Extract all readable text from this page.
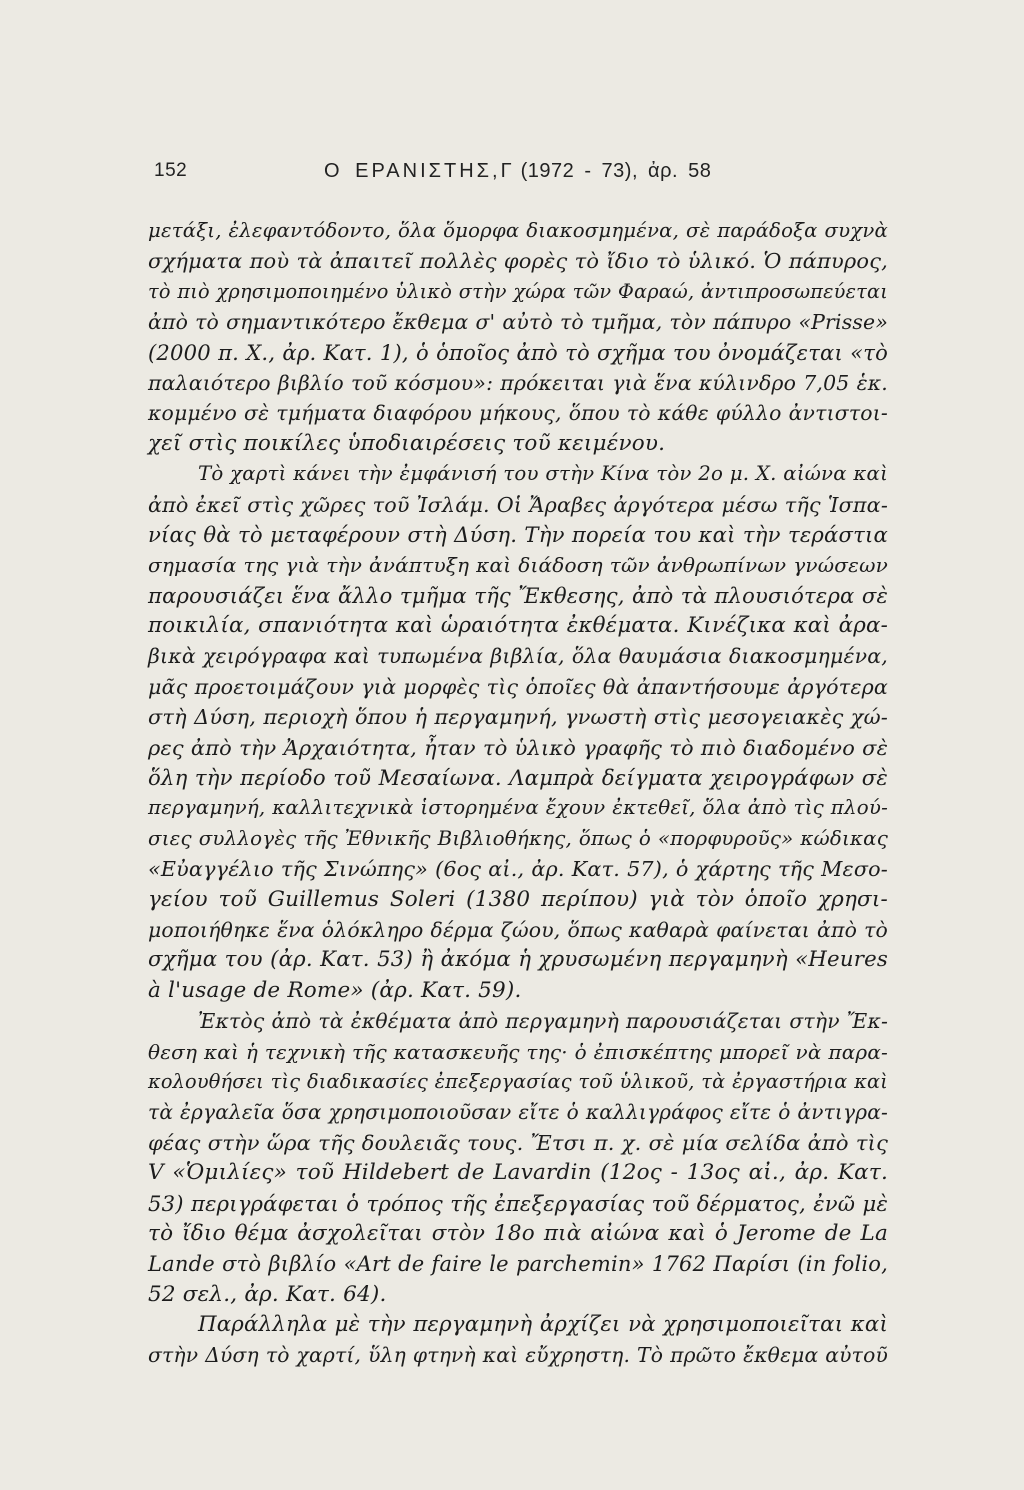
152	Ο ΕΡΑΝΙΣΤΗΣ,Γ (1972 - 73), ἀρ. 58
μετάξι, ἐλεφαντόδοντο, ὅλα ὅμορφα διακοσμημένα, σὲ παράδοξα συχνὰ
σχήματα ποὺ τὰ ἀπαιτεῖ πολλὲς φορὲς τὸ ἴδιο τὸ ὑλικό. Ὁ πάπυρος,
τὸ πιὸ χρησιμοποιημένο ὑλικὸ στὴν χώρα τῶν Φαραώ, ἀντιπροσωπεύεται
ἀπὸ τὸ σημαντικότερο ἔκθεμα σ' αὐτὸ τὸ τμῆμα, τὸν πάπυρο «Prisse»
(2000 π. Χ., ἀρ. Κατ. 1), ὁ ὁποῖος ἀπὸ τὸ σχῆμα του ὀνομάζεται «τὸ
παλαιότερο βιβλίο τοῦ κόσμου»: πρόκειται γιὰ ἕνα κύλινδρο 7,05 ἑκ.
κομμένο σὲ τμήματα διαφόρου μήκους, ὅπου τὸ κάθε φύλλο ἀντιστοι-
χεῖ στὶς ποικίλες ὑποδιαιρέσεις τοῦ κειμένου.
Τὸ χαρτὶ κάνει τὴν ἐμφάνισή του στὴν Κίνα τὸν 2ο μ. Χ. αἰώνα καὶ
ἀπὸ ἐκεῖ στὶς χῶρες τοῦ Ἰσλάμ. Οἱ Ἄραβες ἀργότερα μέσω τῆς Ἱσπα-
νίας θὰ τὸ μεταφέρουν στὴ Δύση. Τὴν πορεία του καὶ τὴν τεράστια
σημασία της γιὰ τὴν ἀνάπτυξη καὶ διάδοση τῶν ἀνθρωπίνων γνώσεων
παρουσιάζει ἕνα ἄλλο τμῆμα τῆς Ἔκθεσης, ἀπὸ τὰ πλουσιότερα σὲ
ποικιλία, σπανιότητα καὶ ὡραιότητα ἐκθέματα. Κινέζικα καὶ ἀρα-
βικὰ χειρόγραφα καὶ τυπωμένα βιβλία, ὅλα θαυμάσια διακοσμημένα,
μᾶς προετοιμάζουν γιὰ μορφὲς τὶς ὁποῖες θὰ ἀπαντήσουμε ἀργότερα
στὴ Δύση, περιοχὴ ὅπου ἡ περγαμηνή, γνωστὴ στὶς μεσογειακὲς χώ-
ρες ἀπὸ τὴν Ἀρχαιότητα, ἦταν τὸ ὑλικὸ γραφῆς τὸ πιὸ διαδομένο σὲ
ὅλη τὴν περίοδο τοῦ Μεσαίωνα. Λαμπρὰ δείγματα χειρογράφων σὲ
περγαμηνή, καλλιτεχνικὰ ἱστορημένα ἔχουν ἐκτεθεῖ, ὅλα ἀπὸ τὶς πλού-
σιες συλλογὲς τῆς Ἐθνικῆς Βιβλιοθήκης, ὅπως ὁ «πορφυροῦς» κώδικας
«Εὐαγγέλιο τῆς Σινώπης» (6ος αἰ., ἀρ. Κατ. 57), ὁ χάρτης τῆς Μεσο-
γείου τοῦ Guillemus Soleri (1380 περίπου) γιὰ τὸν ὁποῖο χρησι-
μοποιήθηκε ἕνα ὁλόκληρο δέρμα ζώου, ὅπως καθαρὰ φαίνεται ἀπὸ τὸ
σχῆμα του (ἀρ. Κατ. 53) ἢ ἀκόμα ἡ χρυσωμένη περγαμηνὴ «Heures
à l'usage de Rome» (ἀρ. Κατ. 59).
Ἐκτὸς ἀπὸ τὰ ἐκθέματα ἀπὸ περγαμηνὴ παρουσιάζεται στὴν Ἔκ-
θεση καὶ ἡ τεχνικὴ τῆς κατασκευῆς της· ὁ ἐπισκέπτης μπορεῖ νὰ παρα-
κολουθήσει τὶς διαδικασίες ἐπεξεργασίας τοῦ ὑλικοῦ, τὰ ἐργαστήρια καὶ
τὰ ἐργαλεῖα ὅσα χρησιμοποιοῦσαν εἴτε ὁ καλλιγράφος εἴτε ὁ ἀντιγρα-
φέας στὴν ὥρα τῆς δουλειᾶς τους. Ἔτσι π. χ. σὲ μία σελίδα ἀπὸ τὶς
V «Ὁμιλίες» τοῦ Hildebert de Lavardin (12ος - 13ος αἰ., ἀρ. Κατ.
53) περιγράφεται ὁ τρόπος τῆς ἐπεξεργασίας τοῦ δέρματος, ἐνῶ μὲ
τὸ ἴδιο θέμα ἀσχολεῖται στὸν 18ο πιὰ αἰώνα καὶ ὁ Jerome de La
Lande στὸ βιβλίο «Art de faire le parchemin» 1762 Παρίσι (in folio,
52 σελ., ἀρ. Κατ. 64).
Παράλληλα μὲ τὴν περγαμηνὴ ἀρχίζει νὰ χρησιμοποιεῖται καὶ
στὴν Δύση τὸ χαρτί, ὕλη φτηνὴ καὶ εὔχρηστη. Τὸ πρῶτο ἔκθεμα αὐτοῦ
